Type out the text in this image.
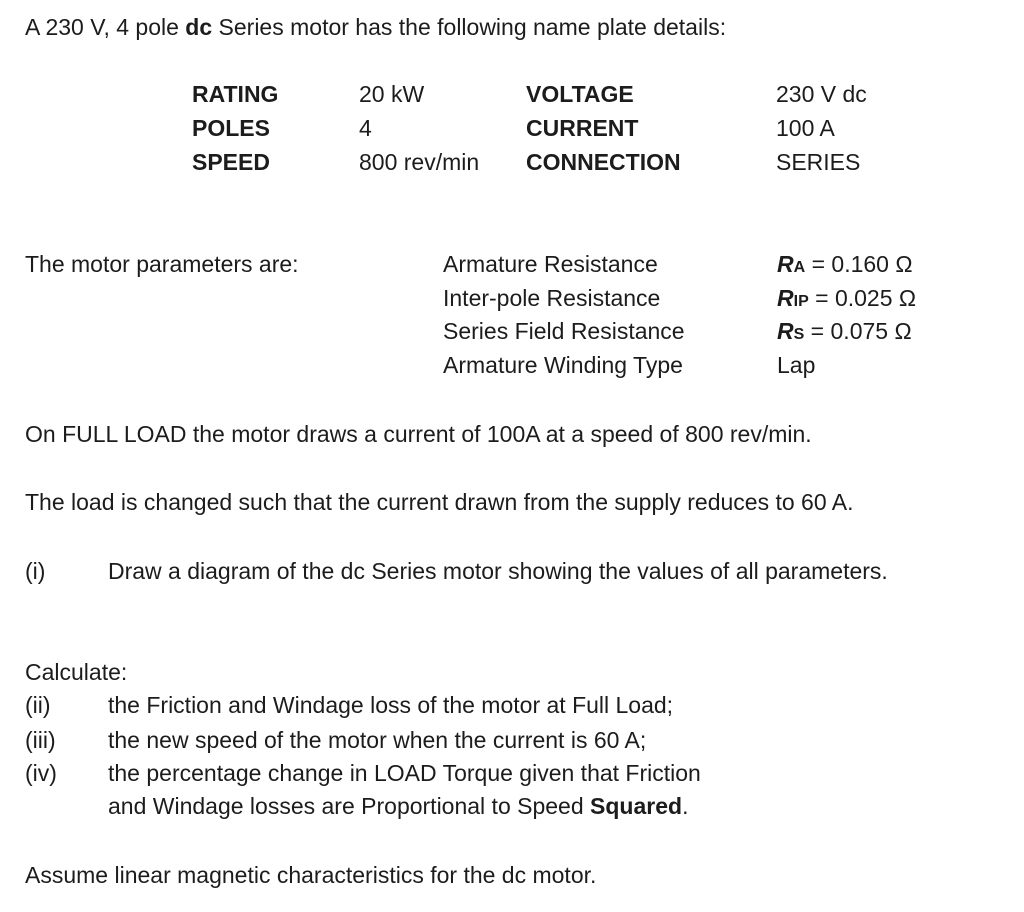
A 230 V, 4 pole dc Series motor has the following name plate details:
RATING	20 kW	VOLTAGE	230 V dc
POLES	4	CURRENT	100 A
SPEED	800 rev/min CONNECTION	SERIES
The motor parameters are:	Armature Resistance	RA = 0.160 Ω
Inter-pole Resistance	RIP = 0.025 Ω
Series Field Resistance	RS = 0.075 Ω
Armature Winding Type	Lap
On FULL LOAD the motor draws a current of 100A at a speed of 800 rev/min.
The load is changed such that the current drawn from the supply reduces to 60 A.
(i)	Draw a diagram of the dc Series motor showing the values of all parameters.
Calculate:
(ii) the Friction and Windage loss of the motor at Full Load;
(iii) the new speed of the motor when the current is 60 A;
(iv) the percentage change in LOAD Torque given that Friction
and Windage losses are Proportional to Speed Squared.
Assume linear magnetic characteristics for the dc motor.
